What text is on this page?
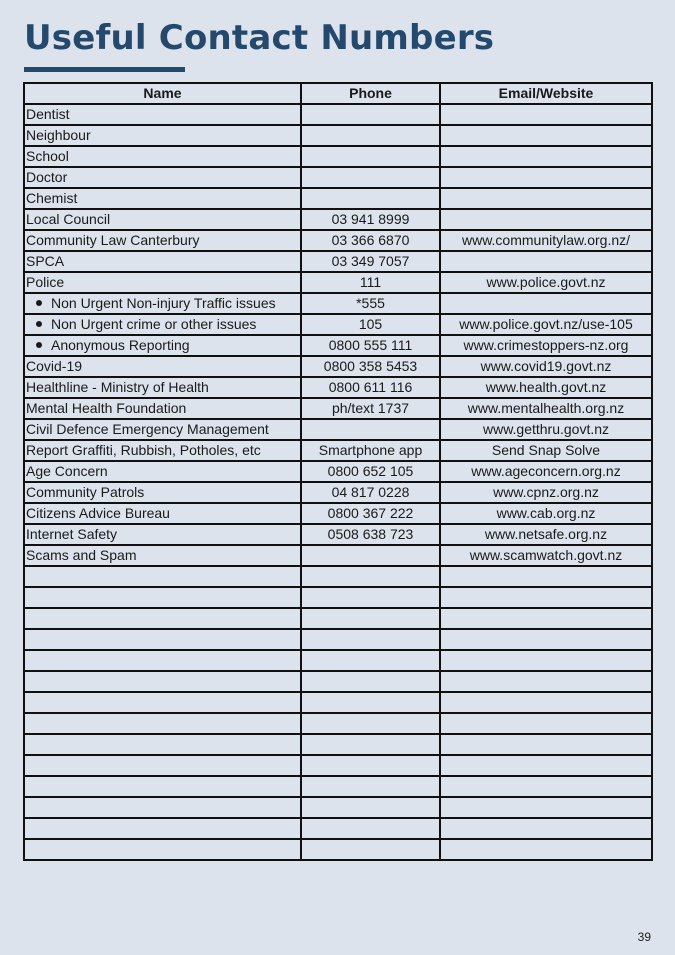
Useful Contact Numbers
Name	Phone	Email/Website
Dentist		
Neighbour		
School		
Doctor		
Chemist		
Local Council	03 941 8999	
Community Law Canterbury	03 366 6870	www.communitylaw.org.nz/
SPCA	03 349 7057	
Police	111	www.police.govt.nz
Non Urgent Non-injury Traffic issues	*555	
Non Urgent crime or other issues	105	www.police.govt.nz/use-105
Anonymous Reporting	0800 555 111	www.crimestoppers-nz.org
Covid-19	0800 358 5453	www.covid19.govt.nz
Healthline - Ministry of Health	0800 611 116	www.health.govt.nz
Mental Health Foundation	ph/text 1737	www.mentalhealth.org.nz
Civil Defence Emergency Management		www.getthru.govt.nz
Report Graffiti, Rubbish, Potholes, etc	Smartphone app	Send Snap Solve
Age Concern	0800 652 105	www.ageconcern.org.nz
Community Patrols	04 817 0228	www.cpnz.org.nz
Citizens Advice Bureau	0800 367 222	www.cab.org.nz
Internet Safety	0508 638 723	www.netsafe.org.nz
Scams and Spam		www.scamwatch.govt.nz

39
